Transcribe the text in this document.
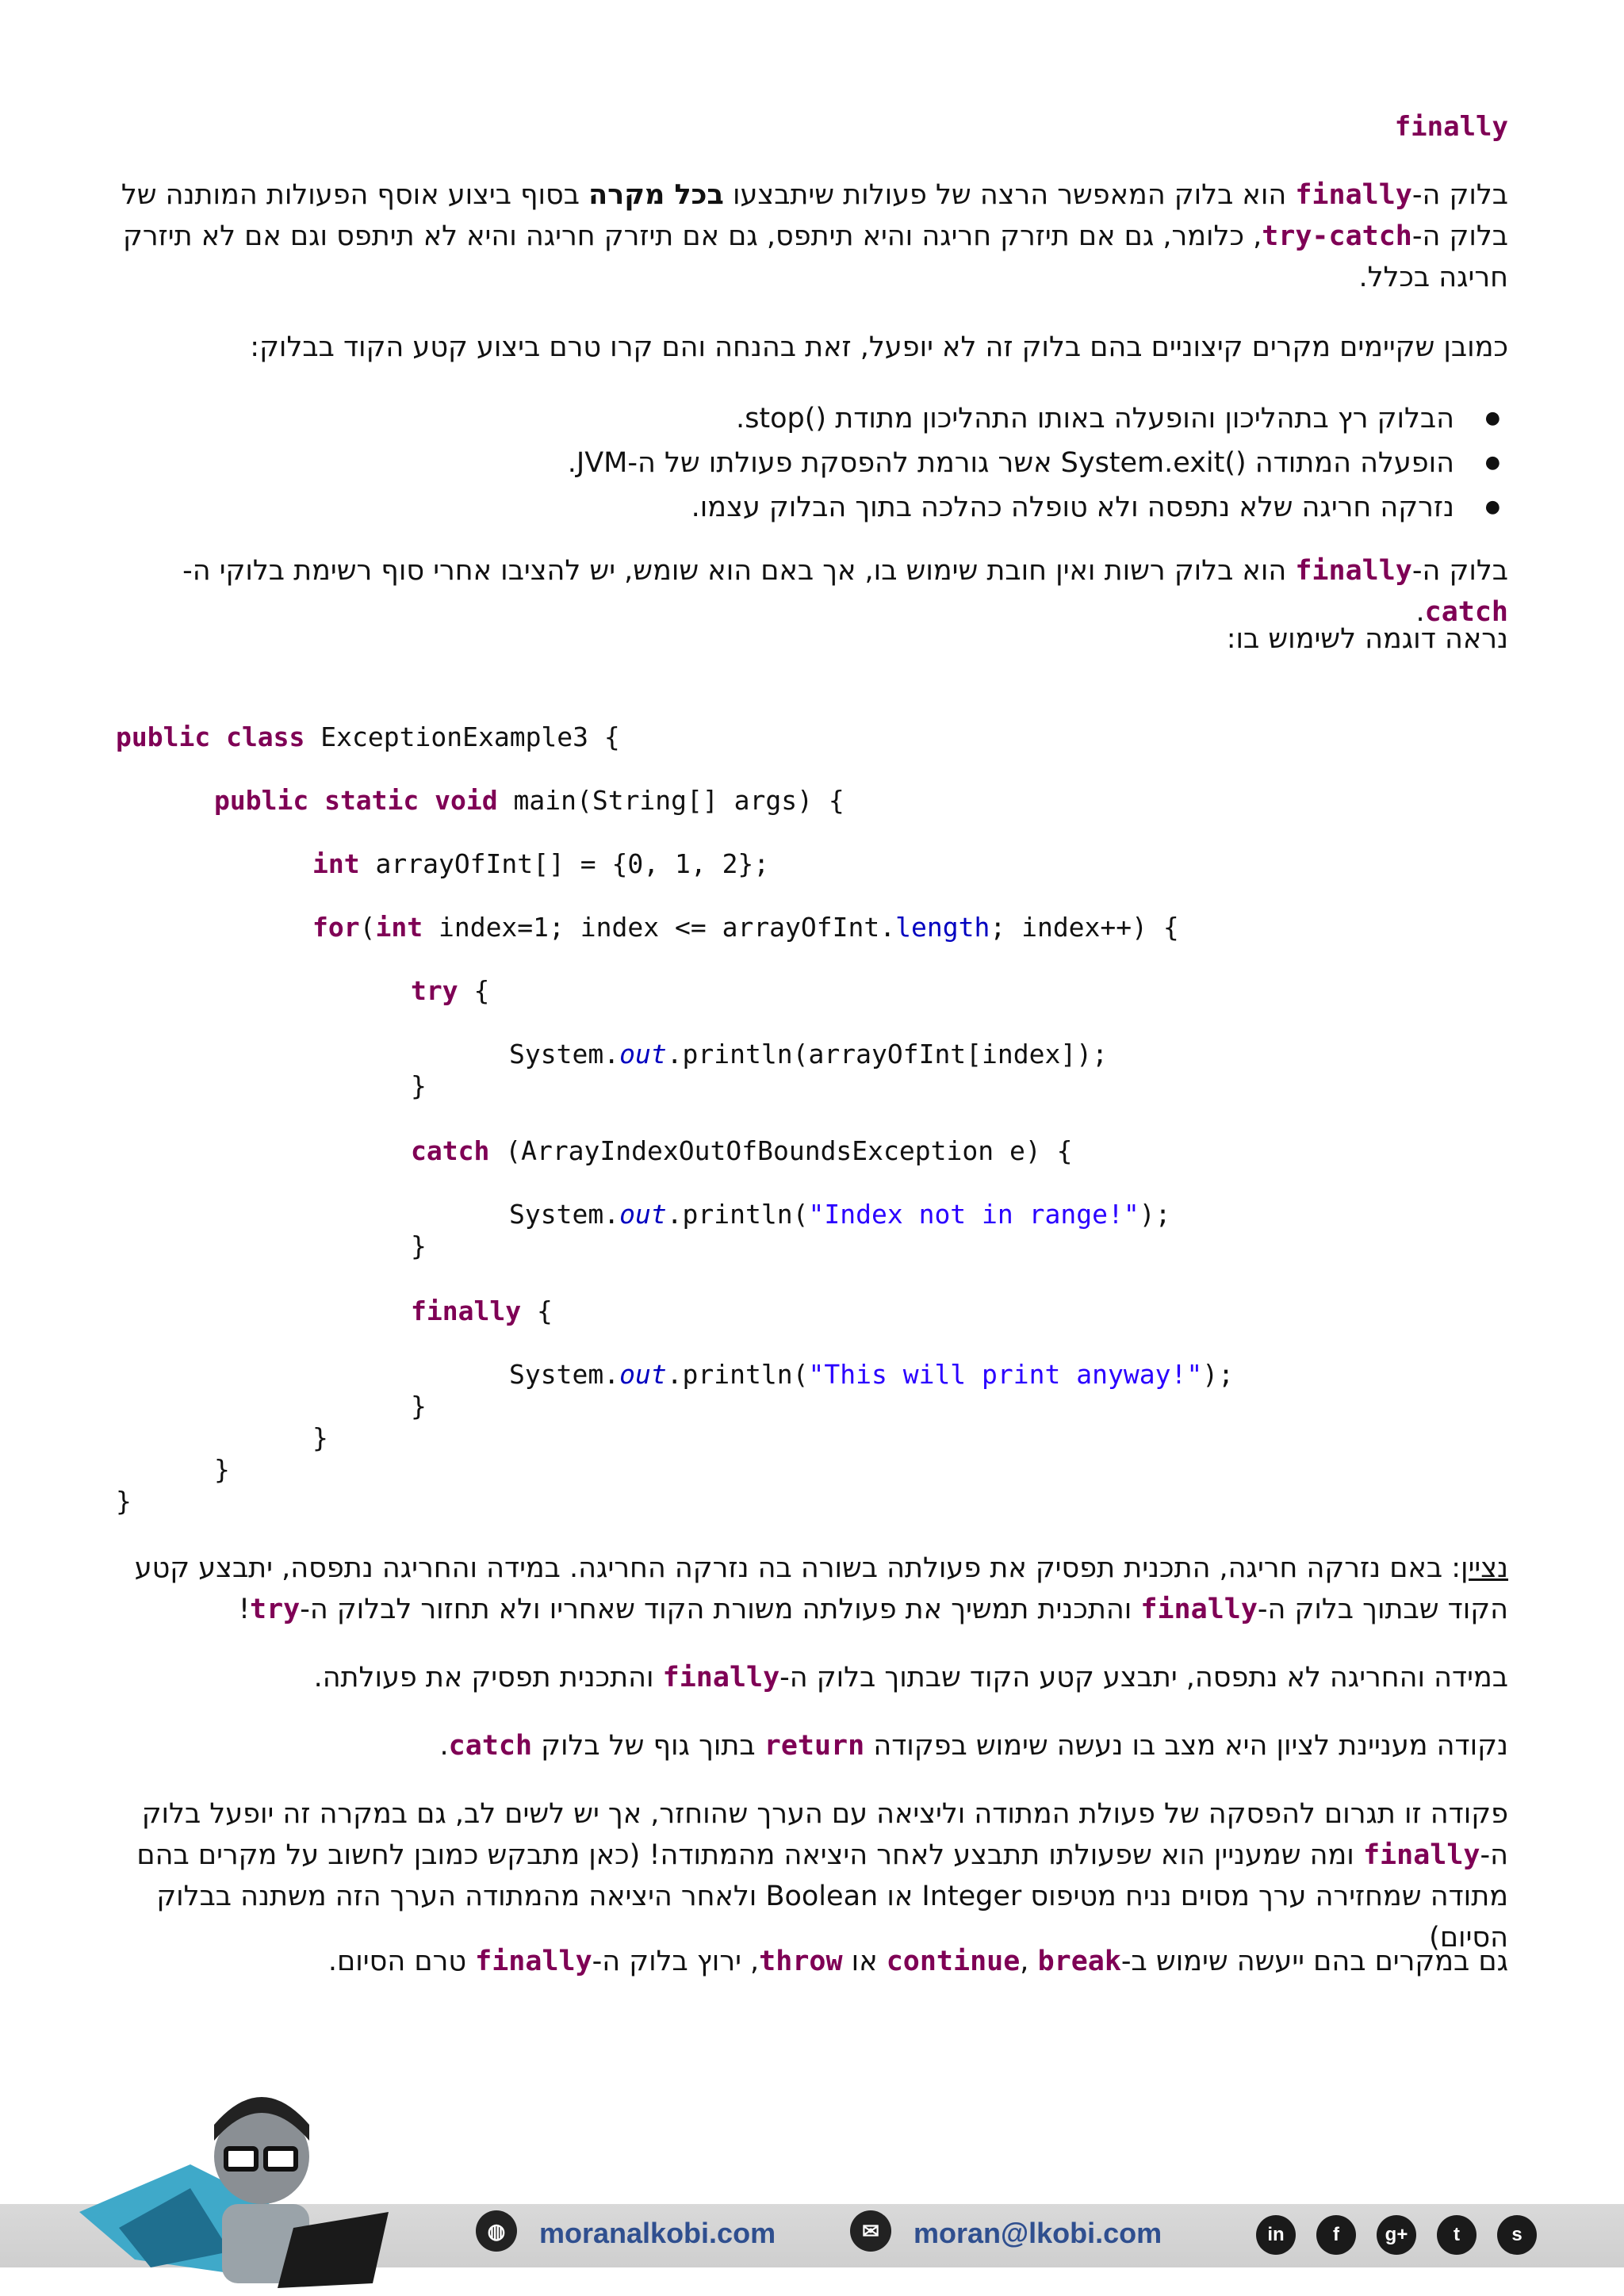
finally
בלוק ה-finally הוא בלוק המאפשר הרצה של פעולות שיתבצעו בכל מקרה בסוף ביצוע אוסף הפעולות המותנה של בלוק ה-try-catch, כלומר, גם אם תיזרק חריגה והיא תיתפס, גם אם תיזרק חריגה והיא לא תיתפס וגם אם לא תיזרק חריגה בכלל.
כמובן שקיימים מקרים קיצוניים בהם בלוק זה לא יופעל, זאת בהנחה והם קרו טרם ביצוע קטע הקוד בבלוק:
● הבלוק רץ בתהליכון והופעלה באותו התהליכון מתודת ()stop.
● הופעלה המתודה ()System.exit אשר גורמת להפסקת פעולתו של ה-JVM.
● נזרקה חריגה שלא נתפסה ולא טופלה כהלכה בתוך הבלוק עצמו.
בלוק ה-finally הוא בלוק רשות ואין חובת שימוש בו, אך באם הוא שומש, יש להציבו אחרי סוף רשימת בלוקי ה-catch.
נראה דוגמה לשימוש בו:
public class ExceptionExample3 {
public static void main(String[] args) {
int arrayOfInt[] = {0, 1, 2};
for(int index=1; index <= arrayOfInt.length; index++) {
try {
System.out.println(arrayOfInt[index]);
}
catch (ArrayIndexOutOfBoundsException e) {
System.out.println("Index not in range!");
}
finally {
System.out.println("This will print anyway!");
}
}
}
}
נציין: באם נזרקה חריגה, התכנית תפסיק את פעולתה בשורה בה נזרקה החריגה. במידה והחריגה נתפסה, יתבצע קטע הקוד שבתוך בלוק ה-finally והתכנית תמשיך את פעולתה משורת הקוד שאחריו ולא תחזור לבלוק ה-try!
במידה והחריגה לא נתפסה, יתבצע קטע הקוד שבתוך בלוק ה-finally והתכנית תפסיק את פעולתה.
נקודה מעניינת לציון היא מצב בו נעשה שימוש בפקודה return בתוך גוף של בלוק catch.
פקודה זו תגרום להפסקה של פעולת המתודה וליציאה עם הערך שהוחזר, אך יש לשים לב, גם במקרה זה יופעל בלוק ה-finally ומה שמעניין הוא שפעולתו תתבצע לאחר היציאה מהמתודה! (כאן מתבקש כמובן לחשוב על מקרים בהם מתודה שמחזירה ערך מסוים נניח מטיפוס Integer או Boolean ולאחר היציאה מהמתודה הערך הזה משתנה בבלוק הסיום)
גם במקרים בהם ייעשה שימוש ב-continue, break או throw, ירוץ בלוק ה-finally טרם הסיום.
◍	moranalkobi.com	✉	moran@lkobi.com	in	f	g+	t	s
